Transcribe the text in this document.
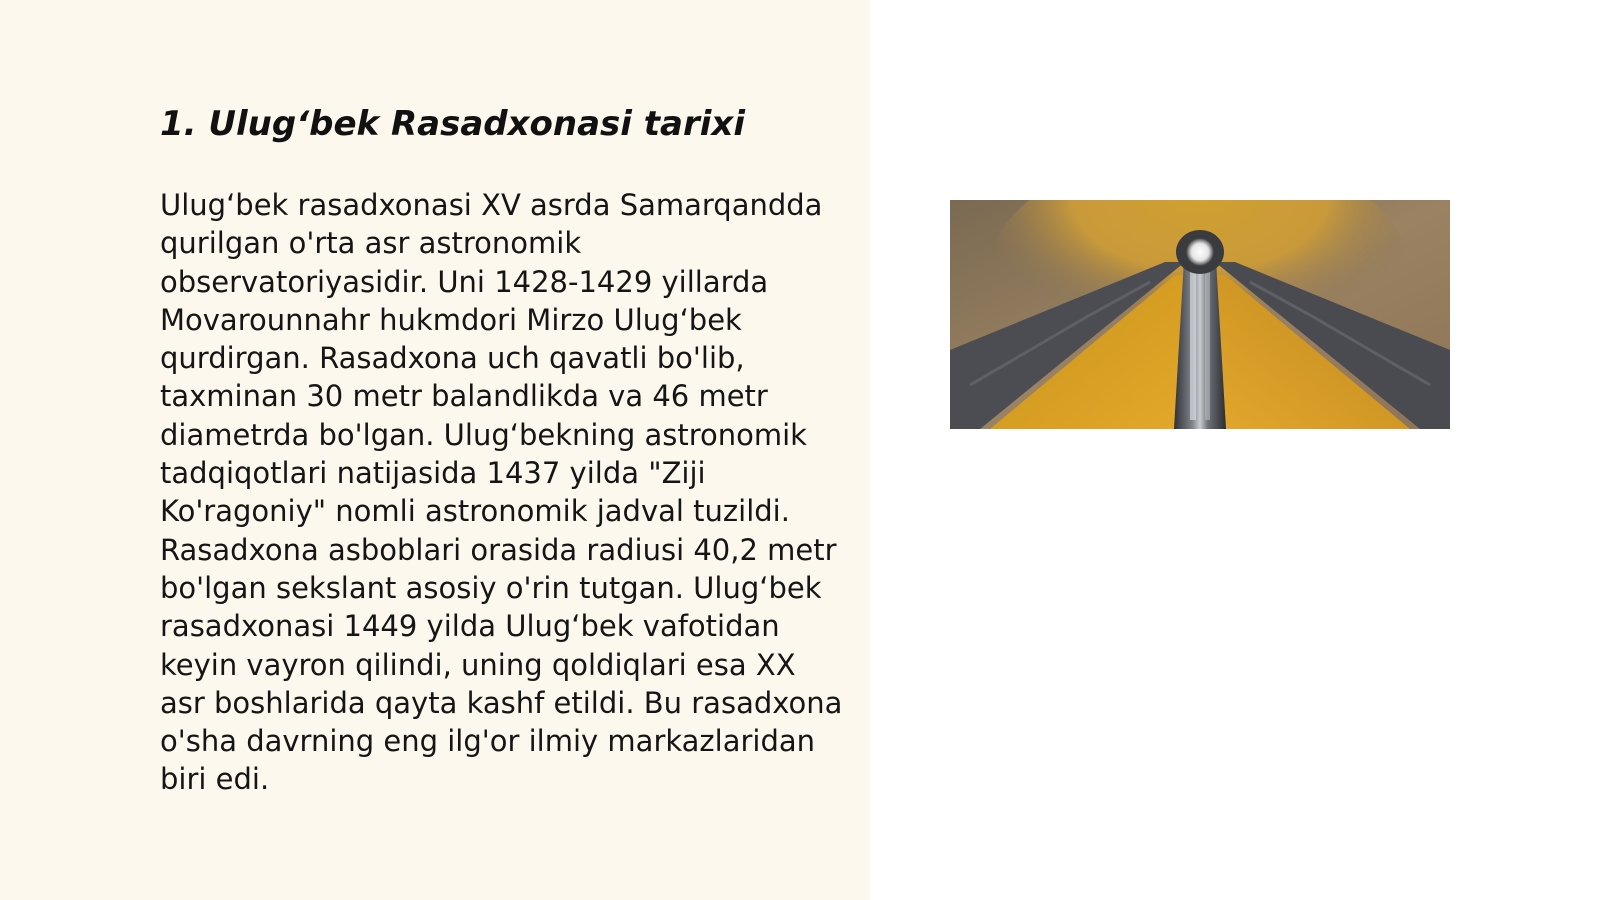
1. Ulug‘bek Rasadxonasi tarixi

Ulug‘bek rasadxonasi XV asrda Samarqandda qurilgan o'rta asr astronomik observatoriyasidir. Uni 1428-1429 yillarda Movarounnahr hukmdori Mirzo Ulug‘bek qurdirgan. Rasadxona uch qavatli bo'lib, taxminan 30 metr balandlikda va 46 metr diametrda bo'lgan. Ulug‘bekning astronomik tadqiqotlari natijasida 1437 yilda "Ziji Ko'ragoniy" nomli astronomik jadval tuzildi. Rasadxona asboblari orasida radiusi 40,2 metr bo'lgan sekslant asosiy o'rin tutgan. Ulug‘bek rasadxonasi 1449 yilda Ulug‘bek vafotidan keyin vayron qilindi, uning qoldiqlari esa XX asr boshlarida qayta kashf etildi. Bu rasadxona o'sha davrning eng ilg'or ilmiy markazlaridan biri edi.
